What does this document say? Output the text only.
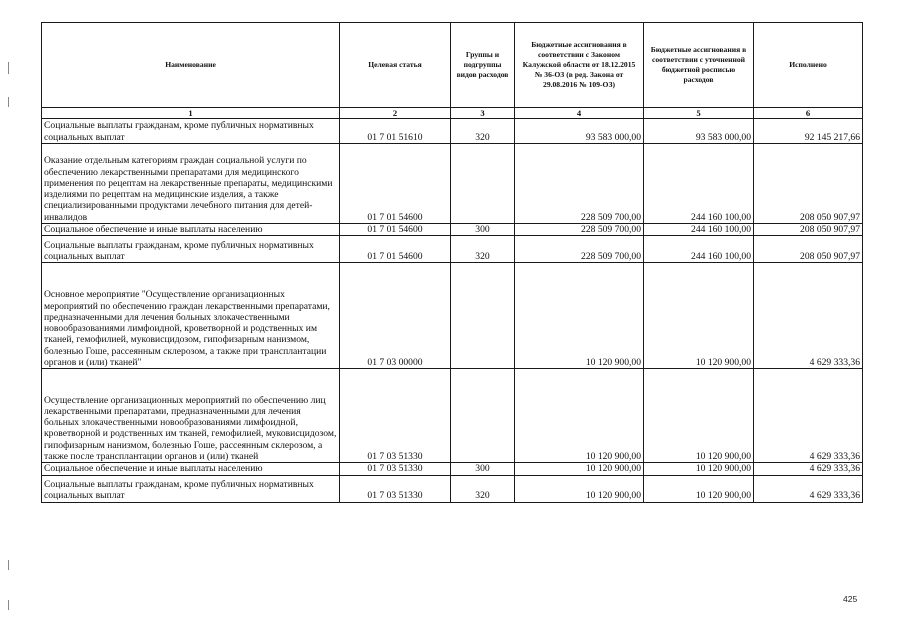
Наименование	Целевая статья	Группы и подгруппы видов расходов	Бюджетные ассигнования в соответствии с Законом Калужской области от 18.12.2015 № 36-ОЗ (в ред. Закона от 29.08.2016 № 109-ОЗ)	Бюджетные ассигнования в соответствии с уточненной бюджетной росписью расходов	Исполнено
1	2	3	4	5	6
Социальные выплаты гражданам, кроме публичных нормативных социальных выплат	01 7 01 51610	320	93 583 000,00	93 583 000,00	92 145 217,66
Оказание отдельным категориям граждан социальной услуги по обеспечению лекарственными препаратами для медицинского применения по рецептам на лекарственные препараты, медицинскими изделиями по рецептам на медицинские изделия, а также специализированными продуктами лечебного питания для детей-инвалидов	01 7 01 54600		228 509 700,00	244 160 100,00	208 050 907,97
Социальное обеспечение и иные выплаты населению	01 7 01 54600	300	228 509 700,00	244 160 100,00	208 050 907,97
Социальные выплаты гражданам, кроме публичных нормативных социальных выплат	01 7 01 54600	320	228 509 700,00	244 160 100,00	208 050 907,97
Основное мероприятие "Осуществление организационных мероприятий по обеспечению граждан лекарственными препаратами, предназначенными для лечения больных злокачественными новообразованиями лимфоидной, кроветворной и родственных им тканей, гемофилией, муковисцидозом, гипофизарным нанизмом, болезнью Гоше, рассеянным склерозом, а также при трансплантации органов и (или) тканей"	01 7 03 00000		10 120 900,00	10 120 900,00	4 629 333,36
Осуществление организационных мероприятий по обеспечению лиц лекарственными препаратами, предназначенными для лечения больных злокачественными новообразованиями лимфоидной, кроветворной и родственных им тканей, гемофилией, муковисцидозом, гипофизарным нанизмом, болезнью Гоше, рассеянным склерозом, а также после трансплантации органов и (или) тканей	01 7 03 51330		10 120 900,00	10 120 900,00	4 629 333,36
Социальное обеспечение и иные выплаты населению	01 7 03 51330	300	10 120 900,00	10 120 900,00	4 629 333,36
Социальные выплаты гражданам, кроме публичных нормативных социальных выплат	01 7 03 51330	320	10 120 900,00	10 120 900,00	4 629 333,36
425
